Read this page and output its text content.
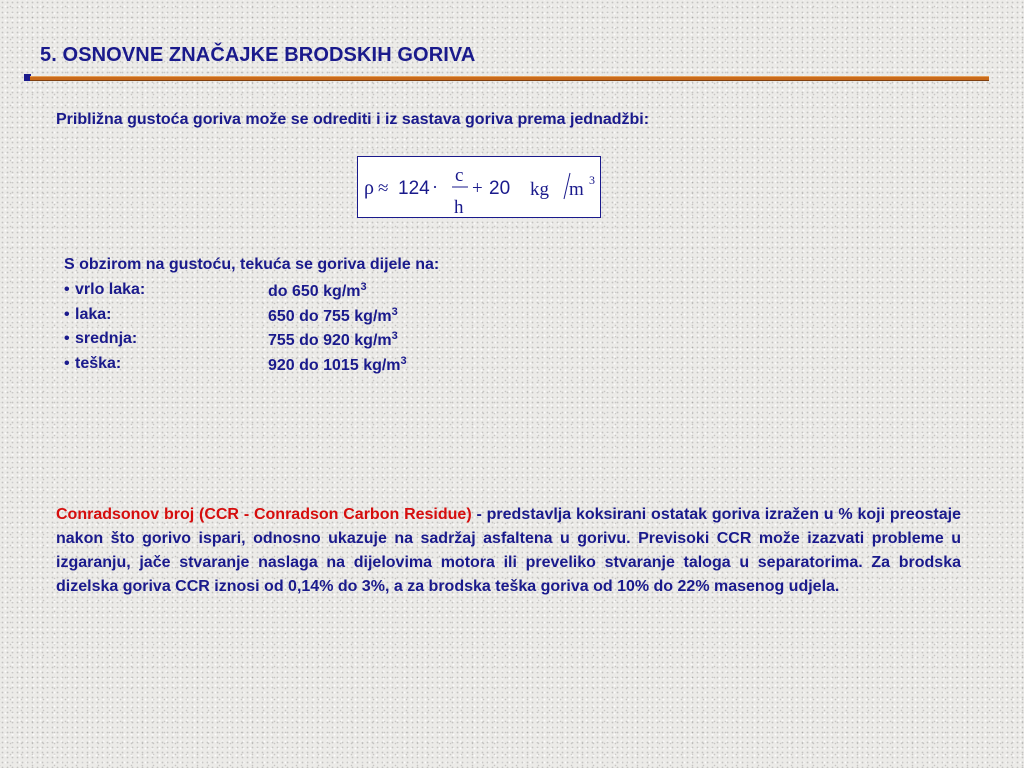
5. OSNOVNE ZNAČAJKE BRODSKIH GORIVA

Približna gustoća goriva može se odrediti i iz sastava goriva prema jednadžbi:

ρ ≈ 124 ·
c
h
+ 20 kg m 3

S obzirom na gustoću, tekuća se goriva dijele na:

• vrlo laka:	do 650 $kg/m^3$
• laka:	650 do 755 $kg/m^3$
• srednja:	755 do 920 $kg/m^3$
• teška:	920 do 1015 $kg/m^3$

Conradsonov broj (CCR - Conradson Carbon Residue) - predstavlja koksirani ostatak goriva izražen u % koji preostaje nakon što gorivo ispari, odnosno ukazuje na sadržaj asfaltena u gorivu. Previsoki CCR može izazvati probleme u izgaranju, jače stvaranje naslaga na dijelovima motora ili preveliko stvaranje taloga u separatorima. Za brodska dizelska goriva CCR iznosi od 0,14% do 3%, a za brodska teška goriva od 10% do 22% masenog udjela.
